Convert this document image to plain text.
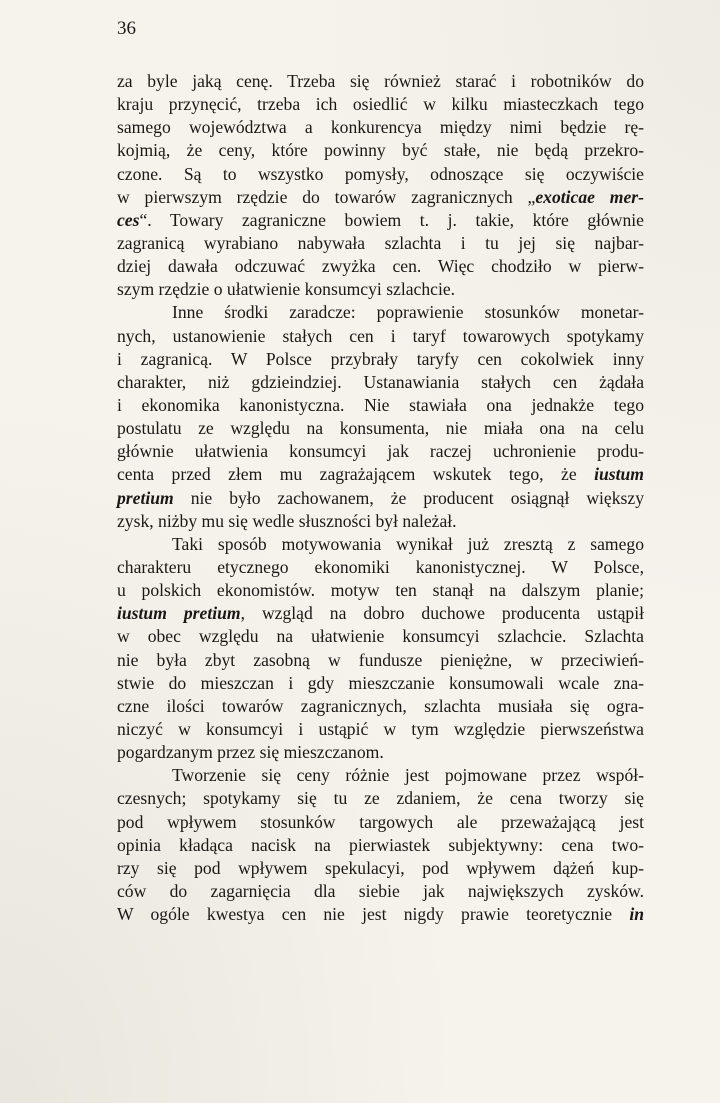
36
za byle jaką cenę. Trzeba się również starać i robotników do
kraju przynęcić, trzeba ich osiedlić w kilku miasteczkach tego
samego województwa a konkurencya między nimi będzie rę-
kojmią, że ceny, które powinny być stałe, nie będą przekro-
czone. Są to wszystko pomysły, odnoszące się oczywiście
w pierwszym rzędzie do towarów zagranicznych „exoticae mer-
ces“. Towary zagraniczne bowiem t. j. takie, które głównie
zagranicą wyrabiano nabywała szlachta i tu jej się najbar-
dziej dawała odczuwać zwyżka cen. Więc chodziło w pierw-
szym rzędzie o ułatwienie konsumcyi szlachcie.
Inne środki zaradcze: poprawienie stosunków monetar-
nych, ustanowienie stałych cen i taryf towarowych spotykamy
i zagranicą. W Polsce przybrały taryfy cen cokolwiek inny
charakter, niż gdzieindziej. Ustanawiania stałych cen żądała
i ekonomika kanonistyczna. Nie stawiała ona jednakże tego
postulatu ze względu na konsumenta, nie miała ona na celu
głównie ułatwienia konsumcyi jak raczej uchronienie produ-
centa przed złem mu zagrażającem wskutek tego, że iustum
pretium nie było zachowanem, że producent osiągnął większy
zysk, niżby mu się wedle słuszności był należał.
Taki sposób motywowania wynikał już zresztą z samego
charakteru etycznego ekonomiki kanonistycznej. W Polsce,
u polskich ekonomistów. motyw ten stanął na dalszym planie;
iustum pretium, wzgląd na dobro duchowe producenta ustąpił
w obec względu na ułatwienie konsumcyi szlachcie. Szlachta
nie była zbyt zasobną w fundusze pieniężne, w przeciwień-
stwie do mieszczan i gdy mieszczanie konsumowali wcale zna-
czne ilości towarów zagranicznych, szlachta musiała się ogra-
niczyć w konsumcyi i ustąpić w tym względzie pierwszeństwa
pogardzanym przez się mieszczanom.
Tworzenie się ceny różnie jest pojmowane przez współ-
czesnych; spotykamy się tu ze zdaniem, że cena tworzy się
pod wpływem stosunków targowych ale przeważającą jest
opinia kładąca nacisk na pierwiastek subjektywny: cena two-
rzy się pod wpływem spekulacyi, pod wpływem dążeń kup-
ców do zagarnięcia dla siebie jak największych zysków.
W ogóle kwestya cen nie jest nigdy prawie teoretycznie in
